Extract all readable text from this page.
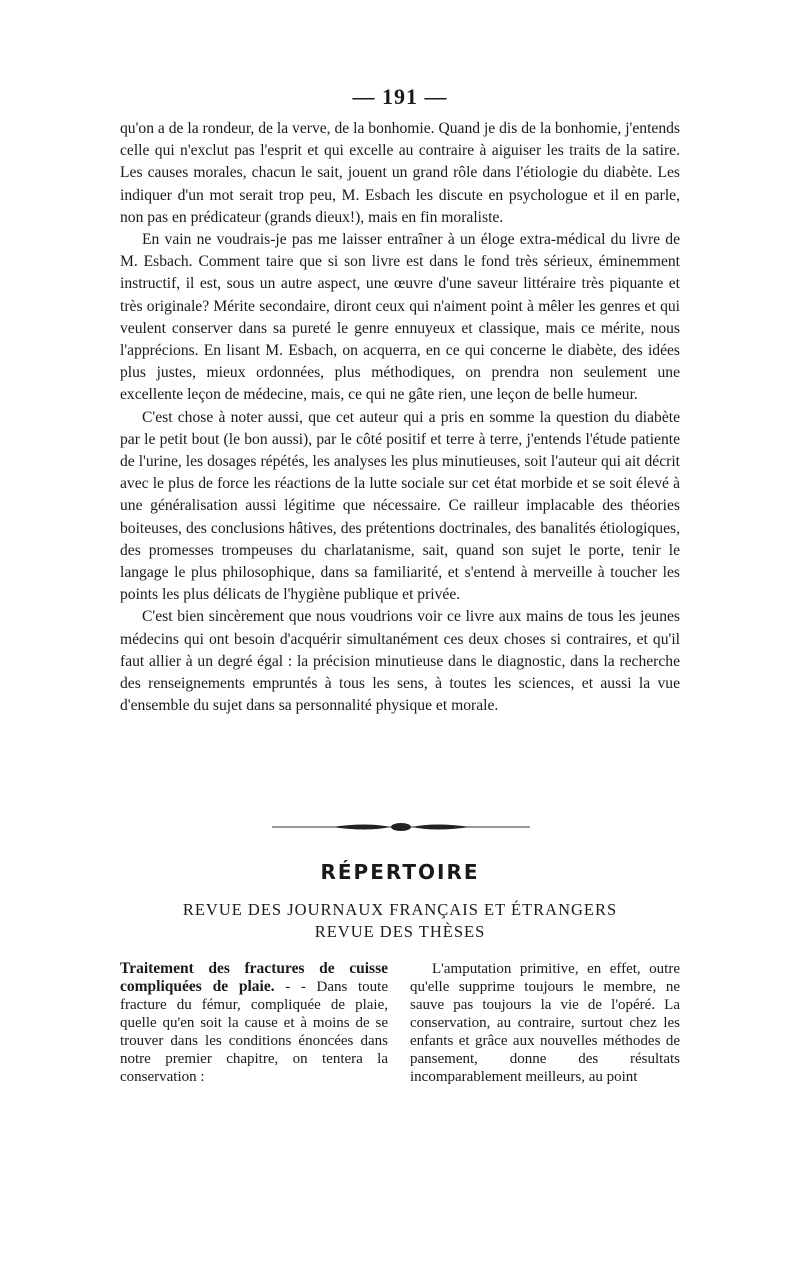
— 191 —

qu'on a de la rondeur, de la verve, de la bonhomie. Quand je dis de la bonhomie, j'entends celle qui n'exclut pas l'esprit et qui excelle au contraire à aiguiser les traits de la satire. Les causes morales, chacun le sait, jouent un grand rôle dans l'étiologie du diabète. Les indiquer d'un mot serait trop peu, M. Esbach les discute en psychologue et il en parle, non pas en prédicateur (grands dieux!), mais en fin moraliste.

En vain ne voudrais-je pas me laisser entraîner à un éloge extra-médical du livre de M. Esbach. Comment taire que si son livre est dans le fond très sérieux, éminemment instructif, il est, sous un autre aspect, une œuvre d'une saveur littéraire très piquante et très originale? Mérite secondaire, diront ceux qui n'aiment point à mêler les genres et qui veulent conserver dans sa pureté le genre ennuyeux et classique, mais ce mérite, nous l'apprécions. En lisant M. Esbach, on acquerra, en ce qui concerne le diabète, des idées plus justes, mieux ordonnées, plus méthodiques, on prendra non seulement une excellente leçon de médecine, mais, ce qui ne gâte rien, une leçon de belle humeur.

C'est chose à noter aussi, que cet auteur qui a pris en somme la question du diabète par le petit bout (le bon aussi), par le côté positif et terre à terre, j'entends l'étude patiente de l'urine, les dosages répétés, les analyses les plus minutieuses, soit l'auteur qui ait décrit avec le plus de force les réactions de la lutte sociale sur cet état morbide et se soit élevé à une généralisation aussi légitime que nécessaire. Ce railleur implacable des théories boiteuses, des conclusions hâtives, des prétentions doctrinales, des banalités étiologiques, des promesses trompeuses du charlatanisme, sait, quand son sujet le porte, tenir le langage le plus philosophique, dans sa familiarité, et s'entend à merveille à toucher les points les plus délicats de l'hygiène publique et privée.

C'est bien sincèrement que nous voudrions voir ce livre aux mains de tous les jeunes médecins qui ont besoin d'acquérir simultanément ces deux choses si contraires, et qu'il faut allier à un degré égal : la précision minutieuse dans le diagnostic, dans la recherche des renseignements empruntés à tous les sens, à toutes les sciences, et aussi la vue d'ensemble du sujet dans sa personnalité physique et morale.

RÉPERTOIRE
REVUE DES JOURNAUX FRANÇAIS ET ÉTRANGERS
REVUE DES THÈSES

Traitement des fractures de cuisse compliquées de plaie. - - Dans toute fracture du fémur, compliquée de plaie, quelle qu'en soit la cause et à moins de se trouver dans les conditions énoncées dans notre premier chapitre, on tentera la conservation :

L'amputation primitive, en effet, outre qu'elle supprime toujours le membre, ne sauve pas toujours la vie de l'opéré. La conservation, au contraire, surtout chez les enfants et grâce aux nouvelles méthodes de pansement, donne des résultats incomparablement meilleurs, au point
